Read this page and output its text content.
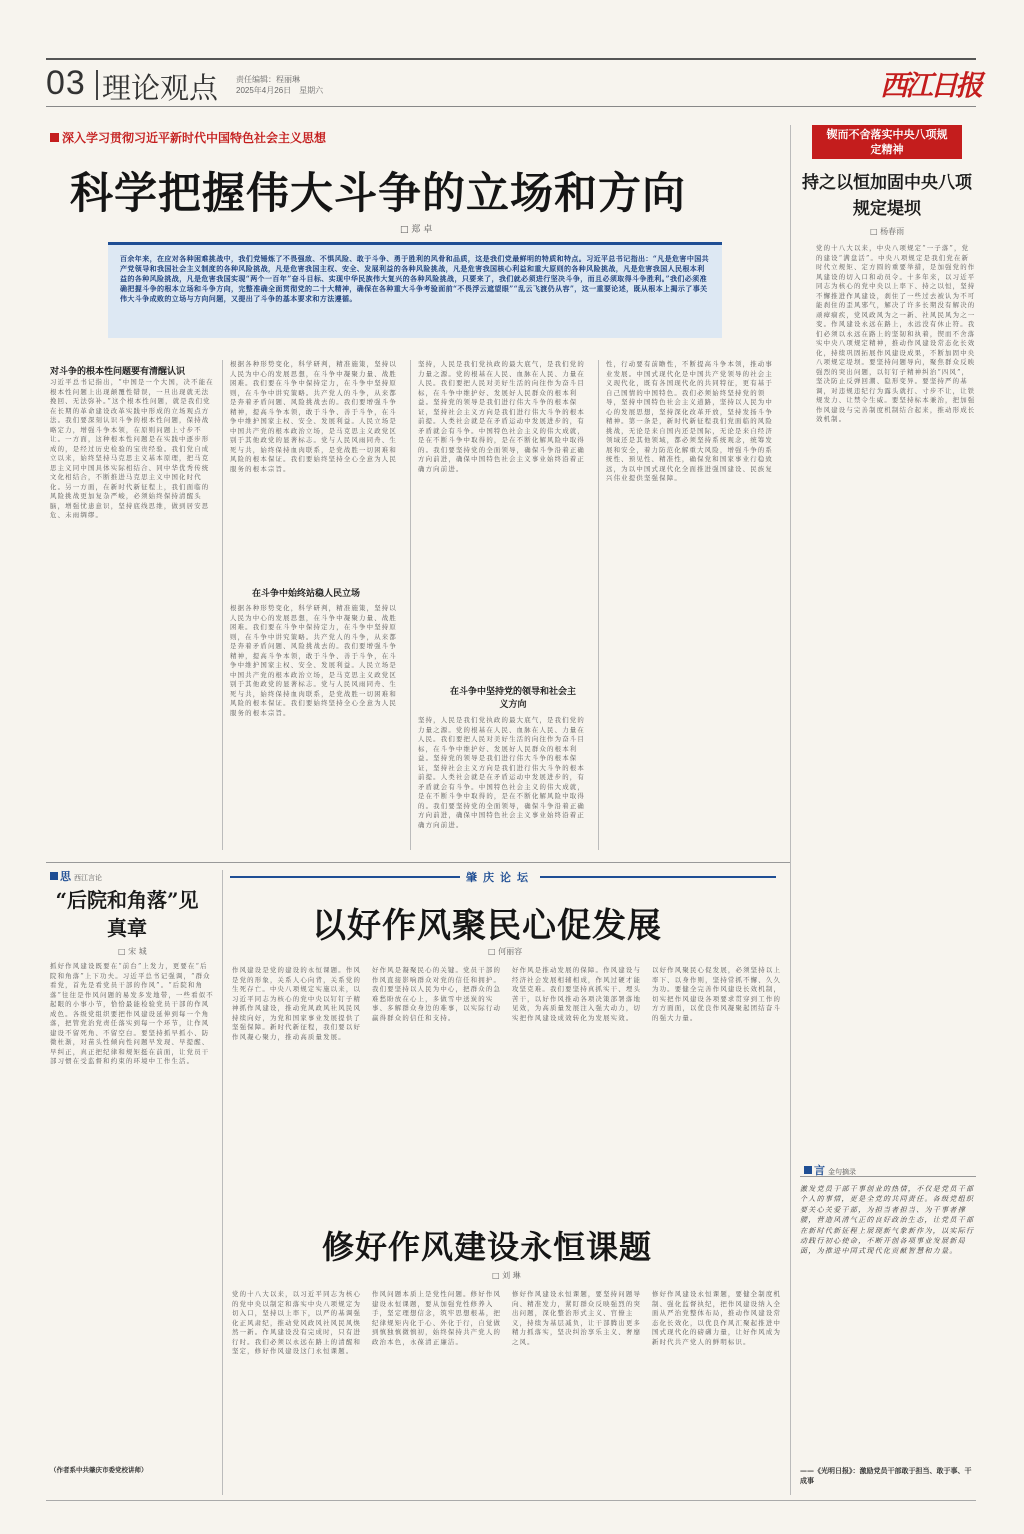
03 理论观点 责任编辑：程丽琳
2025年4月26日　星期六	西江日报
深入学习贯彻习近平新时代中国特色社会主义思想
科学把握伟大斗争的立场和方向
□ 郑 卓

百余年来，在应对各种困难挑战中，我们党锤炼了不畏强敌、不惧风险、敢于斗争、勇于胜利的风骨和品质，这是我们党最鲜明的特质和特点。习近平总书记指出：“凡是危害中国共产党领导和我国社会主义制度的各种风险挑战，凡是危害我国主权、安全、发展利益的各种风险挑战，凡是危害我国核心利益和重大原则的各种风险挑战，凡是危害我国人民根本利益的各种风险挑战，凡是危害我国实现“两个一百年”奋斗目标、实现中华民族伟大复兴的各种风险挑战，只要来了，我们就必须进行坚决斗争，而且必须取得斗争胜利。”我们必须准确把握斗争的根本立场和斗争方向，完整准确全面贯彻党的二十大精神，确保在各种重大斗争考验面前“不畏浮云遮望眼”“乱云飞渡仍从容”，这一重要论述，既从根本上揭示了事关伟大斗争成败的立场与方向问题，又提出了斗争的基本要求和方法遵循。

对斗争的根本性问题要有清醒认识
习近平总书记指出，“中国是一个大国，决不能在根本性问题上出现颠覆性错误，一旦出现就无法挽回、无法弥补。”这个根本性问题，就是我们党在长期的革命建设改革实践中形成的立场观点方法。我们要深刻认识斗争的根本性问题，保持战略定力，增强斗争本领，在原则问题上寸步不让。一方面，这种根本性问题是在实践中逐步形成的，是经过历史检验的宝贵经验。我们党自成立以来，始终坚持马克思主义基本原理，把马克思主义同中国具体实际相结合、同中华优秀传统文化相结合，不断推进马克思主义中国化时代化。另一方面，在新时代新征程上，我们面临的风险挑战更加复杂严峻，必须始终保持清醒头脑，增强忧患意识，坚持底线思维，做到居安思危、未雨绸缪。
根据各种形势变化，科学研判，精准施策，坚持以人民为中心的发展思想，在斗争中凝聚力量、战胜困难。我们要在斗争中保持定力，在斗争中坚持原则，在斗争中讲究策略。共产党人的斗争，从来都是奔着矛盾问题、风险挑战去的。我们要增强斗争精神，提高斗争本领，敢于斗争、善于斗争，在斗争中维护国家主权、安全、发展利益。人民立场是中国共产党的根本政治立场，是马克思主义政党区别于其他政党的显著标志。党与人民风雨同舟、生死与共，始终保持血肉联系，是党战胜一切困难和风险的根本保证。我们要始终坚持全心全意为人民服务的根本宗旨。
在斗争中始终站稳人民立场
根据各种形势变化，科学研判，精准施策，坚持以人民为中心的发展思想，在斗争中凝聚力量、战胜困难。我们要在斗争中保持定力，在斗争中坚持原则，在斗争中讲究策略。共产党人的斗争，从来都是奔着矛盾问题、风险挑战去的。我们要增强斗争精神，提高斗争本领，敢于斗争、善于斗争，在斗争中维护国家主权、安全、发展利益。人民立场是中国共产党的根本政治立场，是马克思主义政党区别于其他政党的显著标志。党与人民风雨同舟、生死与共，始终保持血肉联系，是党战胜一切困难和风险的根本保证。我们要始终坚持全心全意为人民服务的根本宗旨。
坚持，人民是我们党执政的最大底气，是我们党的力量之源。党的根基在人民、血脉在人民、力量在人民。我们要把人民对美好生活的向往作为奋斗目标，在斗争中维护好、发展好人民群众的根本利益。坚持党的领导是我们进行伟大斗争的根本保证，坚持社会主义方向是我们进行伟大斗争的根本前提。人类社会就是在矛盾运动中发展进步的，有矛盾就会有斗争。中国特色社会主义的伟大成就，是在不断斗争中取得的，是在不断化解风险中取得的。我们要坚持党的全面领导，确保斗争沿着正确方向前进，确保中国特色社会主义事业始终沿着正确方向前进。
在斗争中坚持党的领导和社会主义方向
坚持，人民是我们党执政的最大底气，是我们党的力量之源。党的根基在人民、血脉在人民、力量在人民。我们要把人民对美好生活的向往作为奋斗目标，在斗争中维护好、发展好人民群众的根本利益。坚持党的领导是我们进行伟大斗争的根本保证，坚持社会主义方向是我们进行伟大斗争的根本前提。人类社会就是在矛盾运动中发展进步的，有矛盾就会有斗争。中国特色社会主义的伟大成就，是在不断斗争中取得的，是在不断化解风险中取得的。我们要坚持党的全面领导，确保斗争沿着正确方向前进，确保中国特色社会主义事业始终沿着正确方向前进。
性，行动要有前瞻性，不断提高斗争本领，推动事业发展。中国式现代化是中国共产党领导的社会主义现代化，既有各国现代化的共同特征，更有基于自己国情的中国特色。我们必须始终坚持党的领导，坚持中国特色社会主义道路，坚持以人民为中心的发展思想，坚持深化改革开放，坚持发扬斗争精神。第一条是，新时代新征程我们党面临的风险挑战，无论是来自国内还是国际，无论是来自经济领域还是其他领域，都必须坚持系统观念，统筹发展和安全，着力防范化解重大风险，增强斗争的系统性、预见性、精准性，确保党和国家事业行稳致远，为以中国式现代化全面推进强国建设、民族复兴伟业提供坚强保障。
锲而不舍落实中央八项规定精神
持之以恒加固中央八项规定堤坝
□ 杨春雨
党的十八大以来，中央八项规定“一子落”，党的建设“满盘活”。中央八项规定是我们党在新时代立规矩、定方圆的重要举措，是加强党的作风建设的切入口和动员令。十多年来，以习近平同志为核心的党中央以上率下、持之以恒，坚持不懈推进作风建设，刹住了一些过去被认为不可能刹住的歪风邪气，解决了许多长期没有解决的顽瘴痼疾，党风政风为之一新、社风民风为之一变。作风建设永远在路上，永远没有休止符。我们必须以永远在路上的坚韧和执着，锲而不舍落实中央八项规定精神，推动作风建设常态化长效化，持续巩固拓展作风建设成果，不断加固中央八项规定堤坝。要坚持问题导向，聚焦群众反映强烈的突出问题，以钉钉子精神纠治“四风”，坚决防止反弹回潮、隐形变异。要坚持严的基调，对违规违纪行为露头就打、寸步不让，让铁规发力、让禁令生威。要坚持标本兼治，把加强作风建设与完善制度机制结合起来，推动形成长效机制。
思西江言论	肇庆论坛
“后院和角落”见真章
□ 宋 城
抓好作风建设既要在“前台”上发力，更要在“后院和角落”上下功夫。习近平总书记强调，“群众看党，首先是看党员干部的作风”。“后院和角落”往往是作风问题的易发多发地带，一些看似不起眼的小事小节，恰恰最能检验党员干部的作风成色。各级党组织要把作风建设延伸到每一个角落，把管党治党责任落实到每一个环节，让作风建设不留死角、不留空白。要坚持抓早抓小、防微杜渐，对苗头性倾向性问题早发现、早提醒、早纠正，真正把纪律和规矩挺在前面，让党员干部习惯在受监督和约束的环境中工作生活。
（作者系中共肇庆市委党校讲师）
以好作风聚民心促发展
□ 何丽容
作风建设是党的建设的永恒课题。作风是党的形象，关系人心向背，关系党的生死存亡。中央八项规定实施以来，以习近平同志为核心的党中央以钉钉子精神抓作风建设，推动党风政风社风民风持续向好，为党和国家事业发展提供了坚强保障。新时代新征程，我们要以好作风凝心聚力，推动高质量发展。
好作风是凝聚民心的关键。党员干部的作风直接影响群众对党的信任和拥护。我们要坚持以人民为中心，把群众的急难愁盼放在心上，多做雪中送炭的实事、多解群众身边的难事，以实际行动赢得群众的信任和支持。
好作风是推动发展的保障。作风建设与经济社会发展相辅相成，作风过硬才能攻坚克难。我们要坚持真抓实干、埋头苦干，以好作风推动各项决策部署落地见效，为高质量发展注入强大动力，切实把作风建设成效转化为发展实效。
以好作风聚民心促发展，必须坚持以上率下、以身作则，坚持常抓不懈、久久为功。要健全完善作风建设长效机制，切实把作风建设各项要求贯穿到工作的方方面面，以优良作风凝聚起团结奋斗的强大力量。
修好作风建设永恒课题
□ 刘 琳
党的十八大以来，以习近平同志为核心的党中央以制定和落实中央八项规定为切入口，坚持以上率下，以严的基调强化正风肃纪，推动党风政风社风民风焕然一新。作风建设没有完成时，只有进行时。我们必须以永远在路上的清醒和坚定，修好作风建设这门永恒课题。
作风问题本质上是党性问题。修好作风建设永恒课题，要从加强党性修养入手，坚定理想信念，筑牢思想根基，把纪律规矩内化于心、外化于行，自觉做到慎独慎微慎初，始终保持共产党人的政治本色，永葆清正廉洁。
修好作风建设永恒课题，要坚持问题导向、精准发力，紧盯群众反映强烈的突出问题，深化整治形式主义、官僚主义，持续为基层减负，让干部腾出更多精力抓落实，坚决纠治享乐主义、奢靡之风。
修好作风建设永恒课题，要健全制度机制、强化监督执纪，把作风建设纳入全面从严治党整体布局，推动作风建设常态化长效化，以优良作风汇聚起推进中国式现代化的磅礴力量，让好作风成为新时代共产党人的鲜明标识。
言金句摘录
激发党员干部干事创业的热情，不仅是党员干部个人的事情，更是全党的共同责任。各级党组织要关心关爱干部，为担当者担当、为干事者撑腰，营造风清气正的良好政治生态，让党员干部在新时代新征程上展现新气象新作为，以实际行动践行初心使命，不断开创各项事业发展新局面，为推进中国式现代化贡献智慧和力量。
——《光明日报》：激励党员干部敢于担当、敢于事、干成事
